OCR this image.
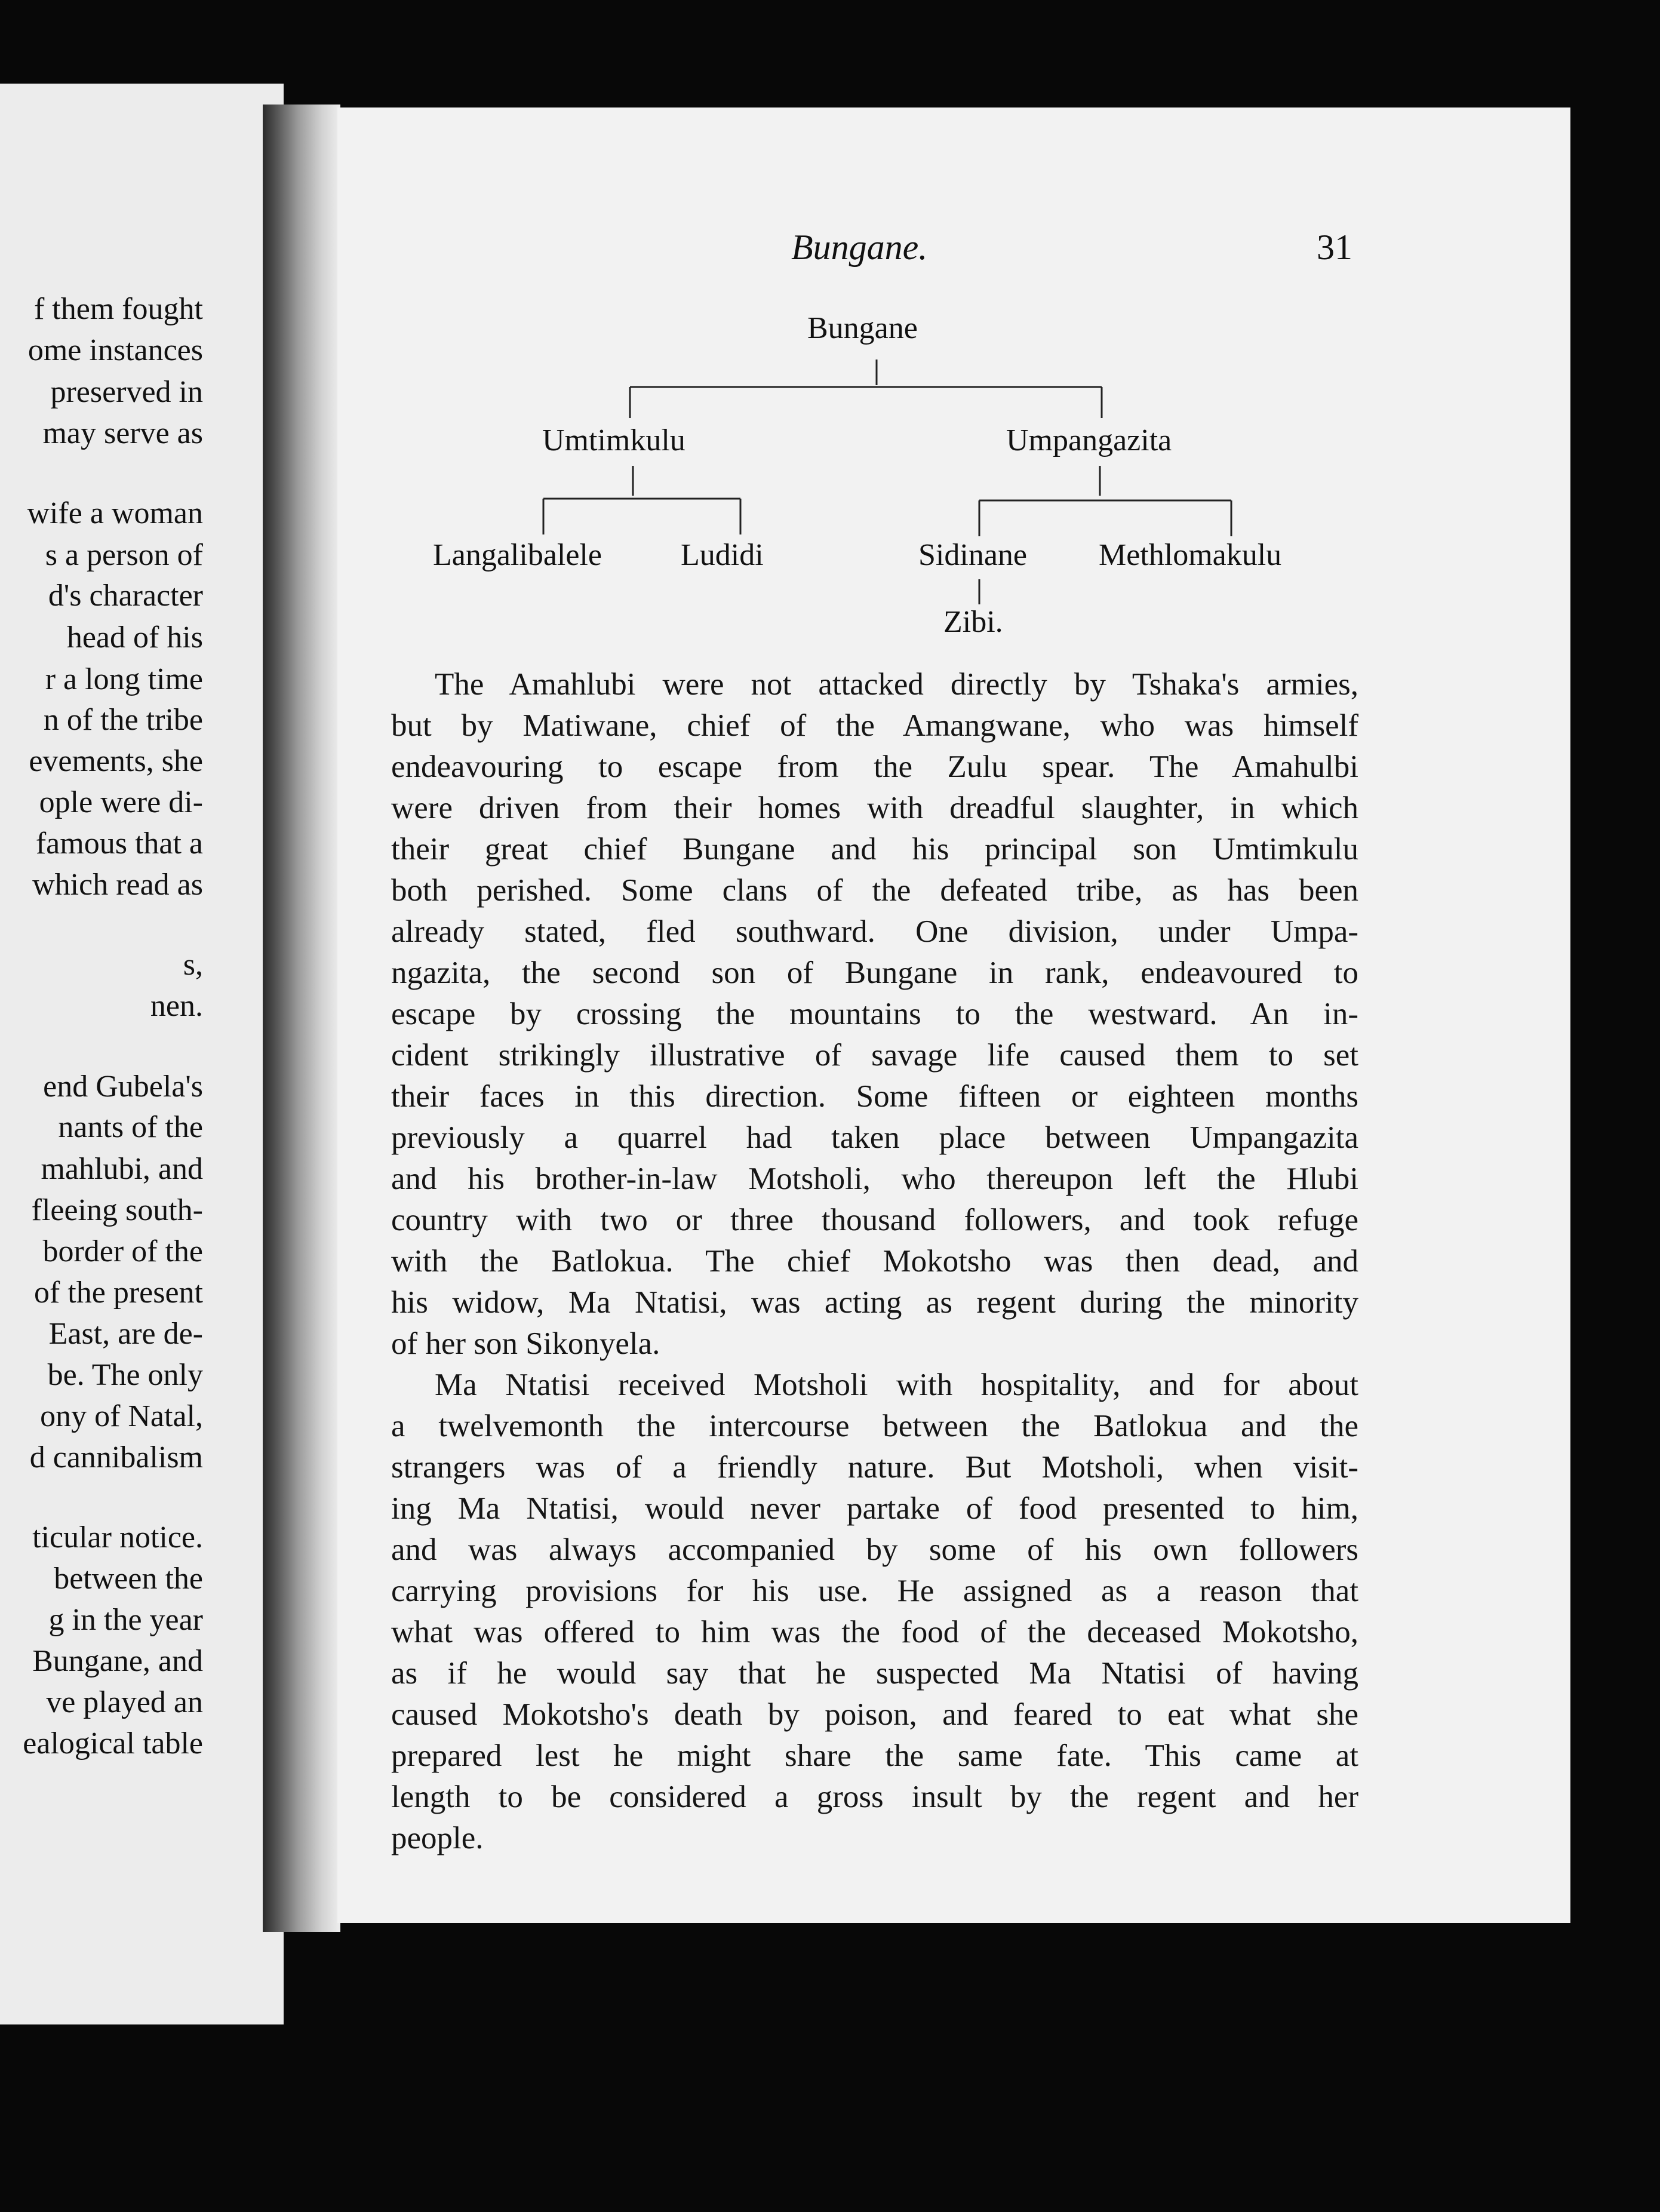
f them fought
ome instances
preserved in
may serve as
wife a woman
s a person of
d's character
head of his
r a long time
n of the tribe
evements, she
ople were di-
famous that a
which read as
s,
nen.
end Gubela's
nants of the
mahlubi, and
fleeing south-
border of the
of the present
East, are de-
be. The only
ony of Natal,
d cannibalism
ticular notice.
between the
g in the year
Bungane, and
ve played an
ealogical table
Bungane.	31
Bungane
Umtimkulu	Umpangazita
Langalibalele	Ludidi	Sidinane Methlomakulu
Zibi.

The Amahlubi were not attacked directly by Tshaka's armies,
but by Matiwane, chief of the Amangwane, who was himself
endeavouring to escape from the Zulu spear. The Amahulbi
were driven from their homes with dreadful slaughter, in which
their great chief Bungane and his principal son Umtimkulu
both perished. Some clans of the defeated tribe, as has been
already stated, fled southward. One division, under Umpa-
ngazita, the second son of Bungane in rank, endeavoured to
escape by crossing the mountains to the westward. An in-
cident strikingly illustrative of savage life caused them to set
their faces in this direction. Some fifteen or eighteen months
previously a quarrel had taken place between Umpangazita
and his brother-in-law Motsholi, who thereupon left the Hlubi
country with two or three thousand followers, and took refuge
with the Batlokua. The chief Mokotsho was then dead, and
his widow, Ma Ntatisi, was acting as regent during the minority
of her son Sikonyela.

Ma Ntatisi received Motsholi with hospitality, and for about
a twelvemonth the intercourse between the Batlokua and the
strangers was of a friendly nature. But Motsholi, when visit-
ing Ma Ntatisi, would never partake of food presented to him,
and was always accompanied by some of his own followers
carrying provisions for his use. He assigned as a reason that
what was offered to him was the food of the deceased Mokotsho,
as if he would say that he suspected Ma Ntatisi of having
caused Mokotsho's death by poison, and feared to eat what she
prepared lest he might share the same fate. This came at
length to be considered a gross insult by the regent and her
people.
